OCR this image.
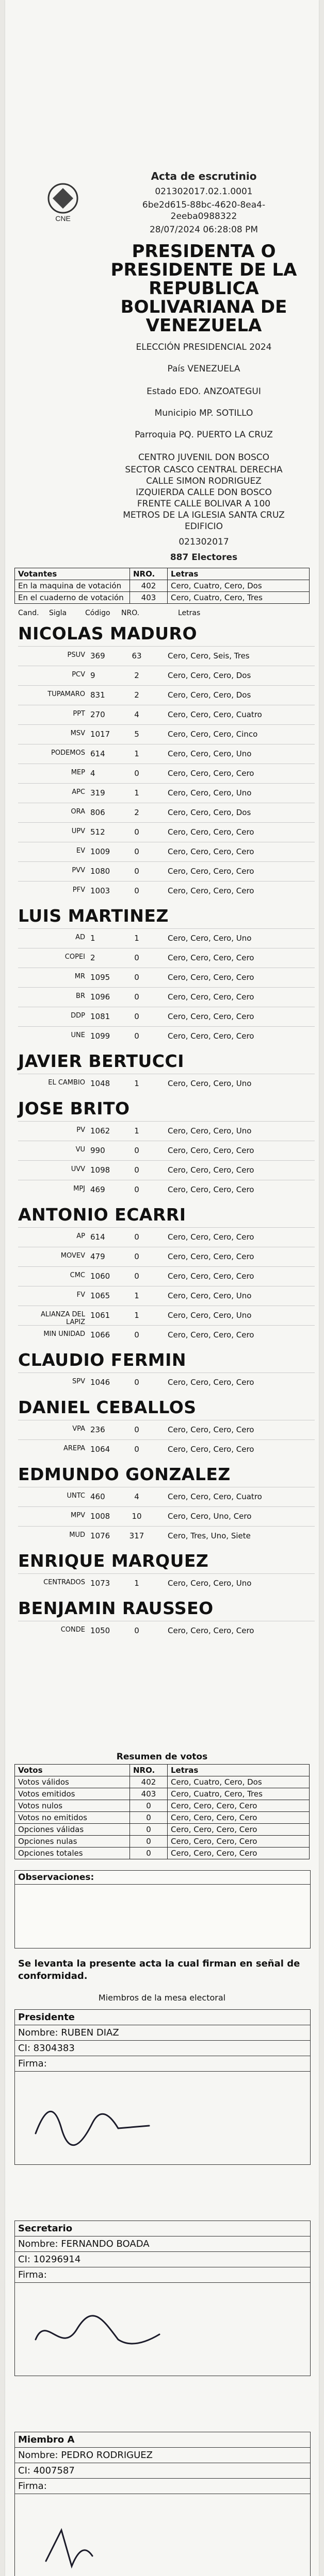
CNE
Acta de escrutinio
021302017.02.1.0001
6be2d615-88bc-4620-8ea4-
2eeba0988322
28/07/2024 06:28:08 PM
PRESIDENTA O
PRESIDENTE DE LA
REPUBLICA
BOLIVARIANA DE
VENEZUELA
ELECCIÓN PRESIDENCIAL 2024
País VENEZUELA
Estado EDO. ANZOATEGUI
Municipio MP. SOTILLO
Parroquia PQ. PUERTO LA CRUZ
CENTRO JUVENIL DON BOSCO
SECTOR CASCO CENTRAL DERECHA
CALLE SIMON RODRIGUEZ
IZQUIERDA CALLE DON BOSCO
FRENTE CALLE BOLIVAR A 100
METROS DE LA IGLESIA SANTA CRUZ
EDIFICIO
021302017
887 Electores
Votantes	NRO.	Letras
En la maquina de votación	402	Cero, Cuatro, Cero, Dos
En el cuaderno de votación	403	Cero, Cuatro, Cero, Tres
Cand. Sigla	Código NRO.	Letras
NICOLAS MADURO
PSUV 369	63	Cero, Cero, Seis, Tres
PCV 9	2	Cero, Cero, Cero, Dos
TUPAMARO 831	2	Cero, Cero, Cero, Dos
PPT 270	4	Cero, Cero, Cero, Cuatro
MSV 1017	5	Cero, Cero, Cero, Cinco
PODEMOS 614	1	Cero, Cero, Cero, Uno
MEP 4	0	Cero, Cero, Cero, Cero
APC 319	1	Cero, Cero, Cero, Uno
ORA 806	2	Cero, Cero, Cero, Dos
UPV 512	0	Cero, Cero, Cero, Cero
EV 1009	0	Cero, Cero, Cero, Cero
PVV 1080	0	Cero, Cero, Cero, Cero
PFV 1003	0	Cero, Cero, Cero, Cero
LUIS MARTINEZ
AD 1	1	Cero, Cero, Cero, Uno
COPEI 2	0	Cero, Cero, Cero, Cero
MR 1095	0	Cero, Cero, Cero, Cero
BR 1096	0	Cero, Cero, Cero, Cero
DDP 1081	0	Cero, Cero, Cero, Cero
UNE 1099	0	Cero, Cero, Cero, Cero
JAVIER BERTUCCI
EL CAMBIO 1048	1	Cero, Cero, Cero, Uno
JOSE BRITO
PV 1062	1	Cero, Cero, Cero, Uno
VU 990	0	Cero, Cero, Cero, Cero
UVV 1098	0	Cero, Cero, Cero, Cero
MPJ 469	0	Cero, Cero, Cero, Cero
ANTONIO ECARRI
AP 614	0	Cero, Cero, Cero, Cero
MOVEV 479	0	Cero, Cero, Cero, Cero
CMC 1060	0	Cero, Cero, Cero, Cero
FV 1065	1	Cero, Cero, Cero, Uno
ALIANZA DEL LAPIZ
1061	1	Cero, Cero, Cero, Uno
MIN UNIDAD 1066	0	Cero, Cero, Cero, Cero
CLAUDIO FERMIN
SPV 1046	0	Cero, Cero, Cero, Cero
DANIEL CEBALLOS
VPA 236	0	Cero, Cero, Cero, Cero
AREPA 1064	0	Cero, Cero, Cero, Cero
EDMUNDO GONZALEZ
UNTC 460	4	Cero, Cero, Cero, Cuatro
MPV 1008	10	Cero, Cero, Uno, Cero
MUD 1076	317	Cero, Tres, Uno, Siete
ENRIQUE MARQUEZ
CENTRADOS 1073	1	Cero, Cero, Cero, Uno
BENJAMIN RAUSSEO
CONDE 1050	0	Cero, Cero, Cero, Cero
Resumen de votos
Votos	NRO.	Letras
Votos válidos	402	Cero, Cuatro, Cero, Dos
Votos emitidos	403	Cero, Cuatro, Cero, Tres
Votos nulos	0	Cero, Cero, Cero, Cero
Votos no emitidos	0	Cero, Cero, Cero, Cero
Opciones válidas	0	Cero, Cero, Cero, Cero
Opciones nulas	0	Cero, Cero, Cero, Cero
Opciones totales	0	Cero, Cero, Cero, Cero
Observaciones:
Se levanta la presente acta la cual firman en señal de conformidad.
Miembros de la mesa electoral
Presidente
Nombre: RUBEN DIAZ
CI: 8304383
Firma:
Secretario
Nombre: FERNANDO BOADA
CI: 10296914
Firma:
Miembro A
Nombre: PEDRO RODRIGUEZ
CI: 4007587
Firma:
